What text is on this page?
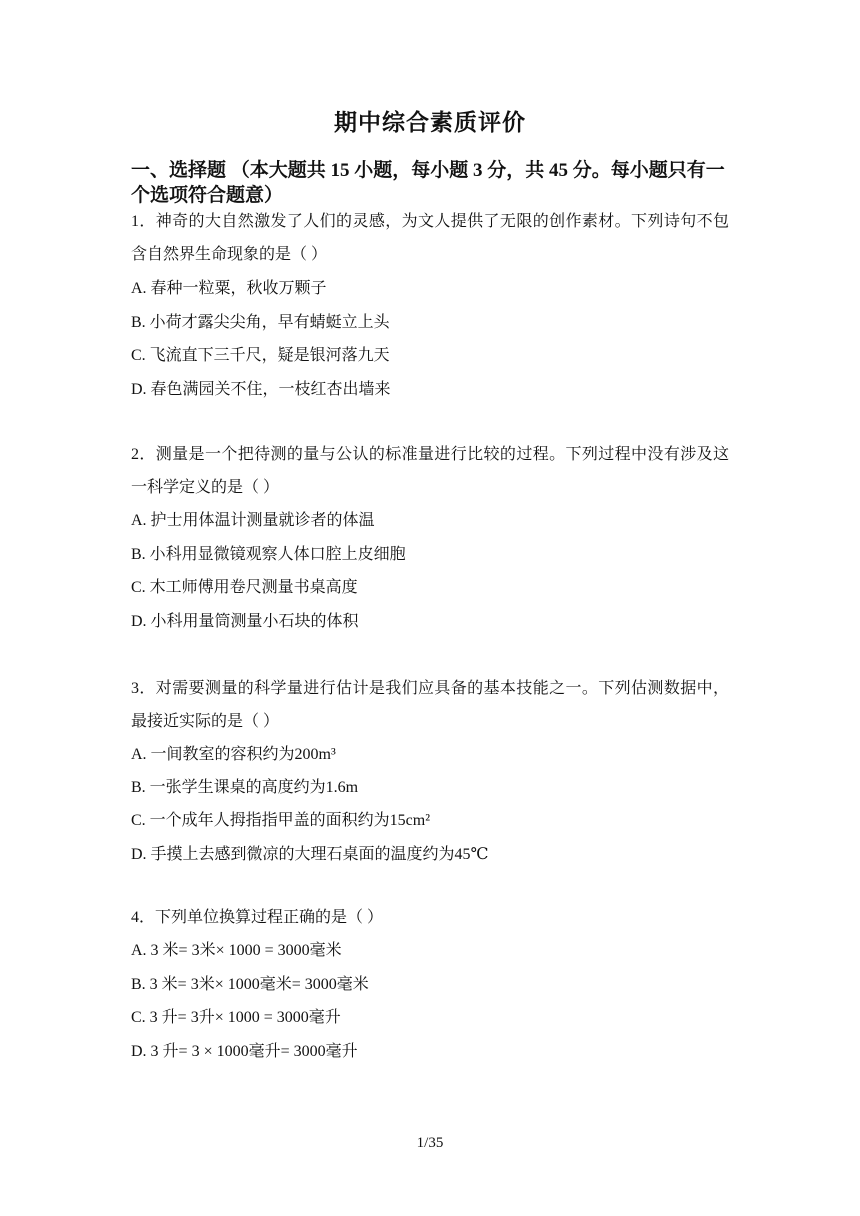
期中综合素质评价
一、选择题 （本大题共 15 小题，每小题 3 分，共 45 分。每小题只有一个选项符合题意）
1．神奇的大自然激发了人们的灵感，为文人提供了无限的创作素材。下列诗句不包含自然界生命现象的是（ ）
A. 春种一粒粟，秋收万颗子
B. 小荷才露尖尖角，早有蜻蜓立上头
C. 飞流直下三千尺，疑是银河落九天
D. 春色满园关不住，一枝红杏出墙来
2．测量是一个把待测的量与公认的标准量进行比较的过程。下列过程中没有涉及这一科学定义的是（ ）
A. 护士用体温计测量就诊者的体温
B. 小科用显微镜观察人体口腔上皮细胞
C. 木工师傅用卷尺测量书桌高度
D. 小科用量筒测量小石块的体积
3．对需要测量的科学量进行估计是我们应具备的基本技能之一。下列估测数据中，最接近实际的是（ ）
A. 一间教室的容积约为200m³
B. 一张学生课桌的高度约为1.6m
C. 一个成年人拇指指甲盖的面积约为15cm²
D. 手摸上去感到微凉的大理石桌面的温度约为45℃
4．下列单位换算过程正确的是（ ）
A. 3 米= 3米× 1000 = 3000毫米
B. 3 米= 3米× 1000毫米= 3000毫米
C. 3 升= 3升× 1000 = 3000毫升
D. 3 升= 3 × 1000毫升= 3000毫升
1/35
